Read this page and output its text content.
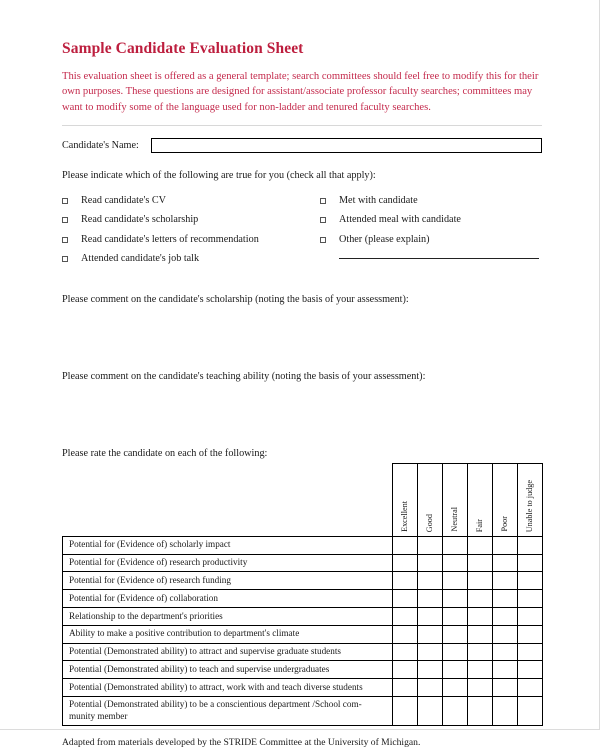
Sample Candidate Evaluation Sheet

This evaluation sheet is offered as a general template; search committees should feel free to modify this for their own purposes. These questions are designed for assistant/associate professor faculty searches; committees may want to modify some of the language used for non-ladder and tenured faculty searches.

Candidate's Name:
Please indicate which of the following are true for you (check all that apply):
Read candidate's CV
Read candidate's scholarship
Read candidate's letters of recommendation
Attended candidate's job talk
Met with candidate
Attended meal with candidate
Other (please explain)
Please comment on the candidate's scholarship (noting the basis of your assessment):
Please comment on the candidate's teaching ability (noting the basis of your assessment):
Please rate the candidate on each of the following:

	Excellent	Good	Neutral	Fair	Poor	Unable to judge

Potential for (Evidence of) scholarly impact						
Potential for (Evidence of) research productivity						
Potential for (Evidence of) research funding						
Potential for (Evidence of) collaboration						
Relationship to the department's priorities						
Ability to make a positive contribution to department's climate						
Potential (Demonstrated ability) to attract and supervise graduate students						
Potential (Demonstrated ability) to teach and supervise undergraduates						
Potential (Demonstrated ability) to attract, work with and teach diverse students						
Potential (Demonstrated ability) to be a conscientious department /School com-munity member						
Adapted from materials developed by the STRIDE Committee at the University of Michigan.
